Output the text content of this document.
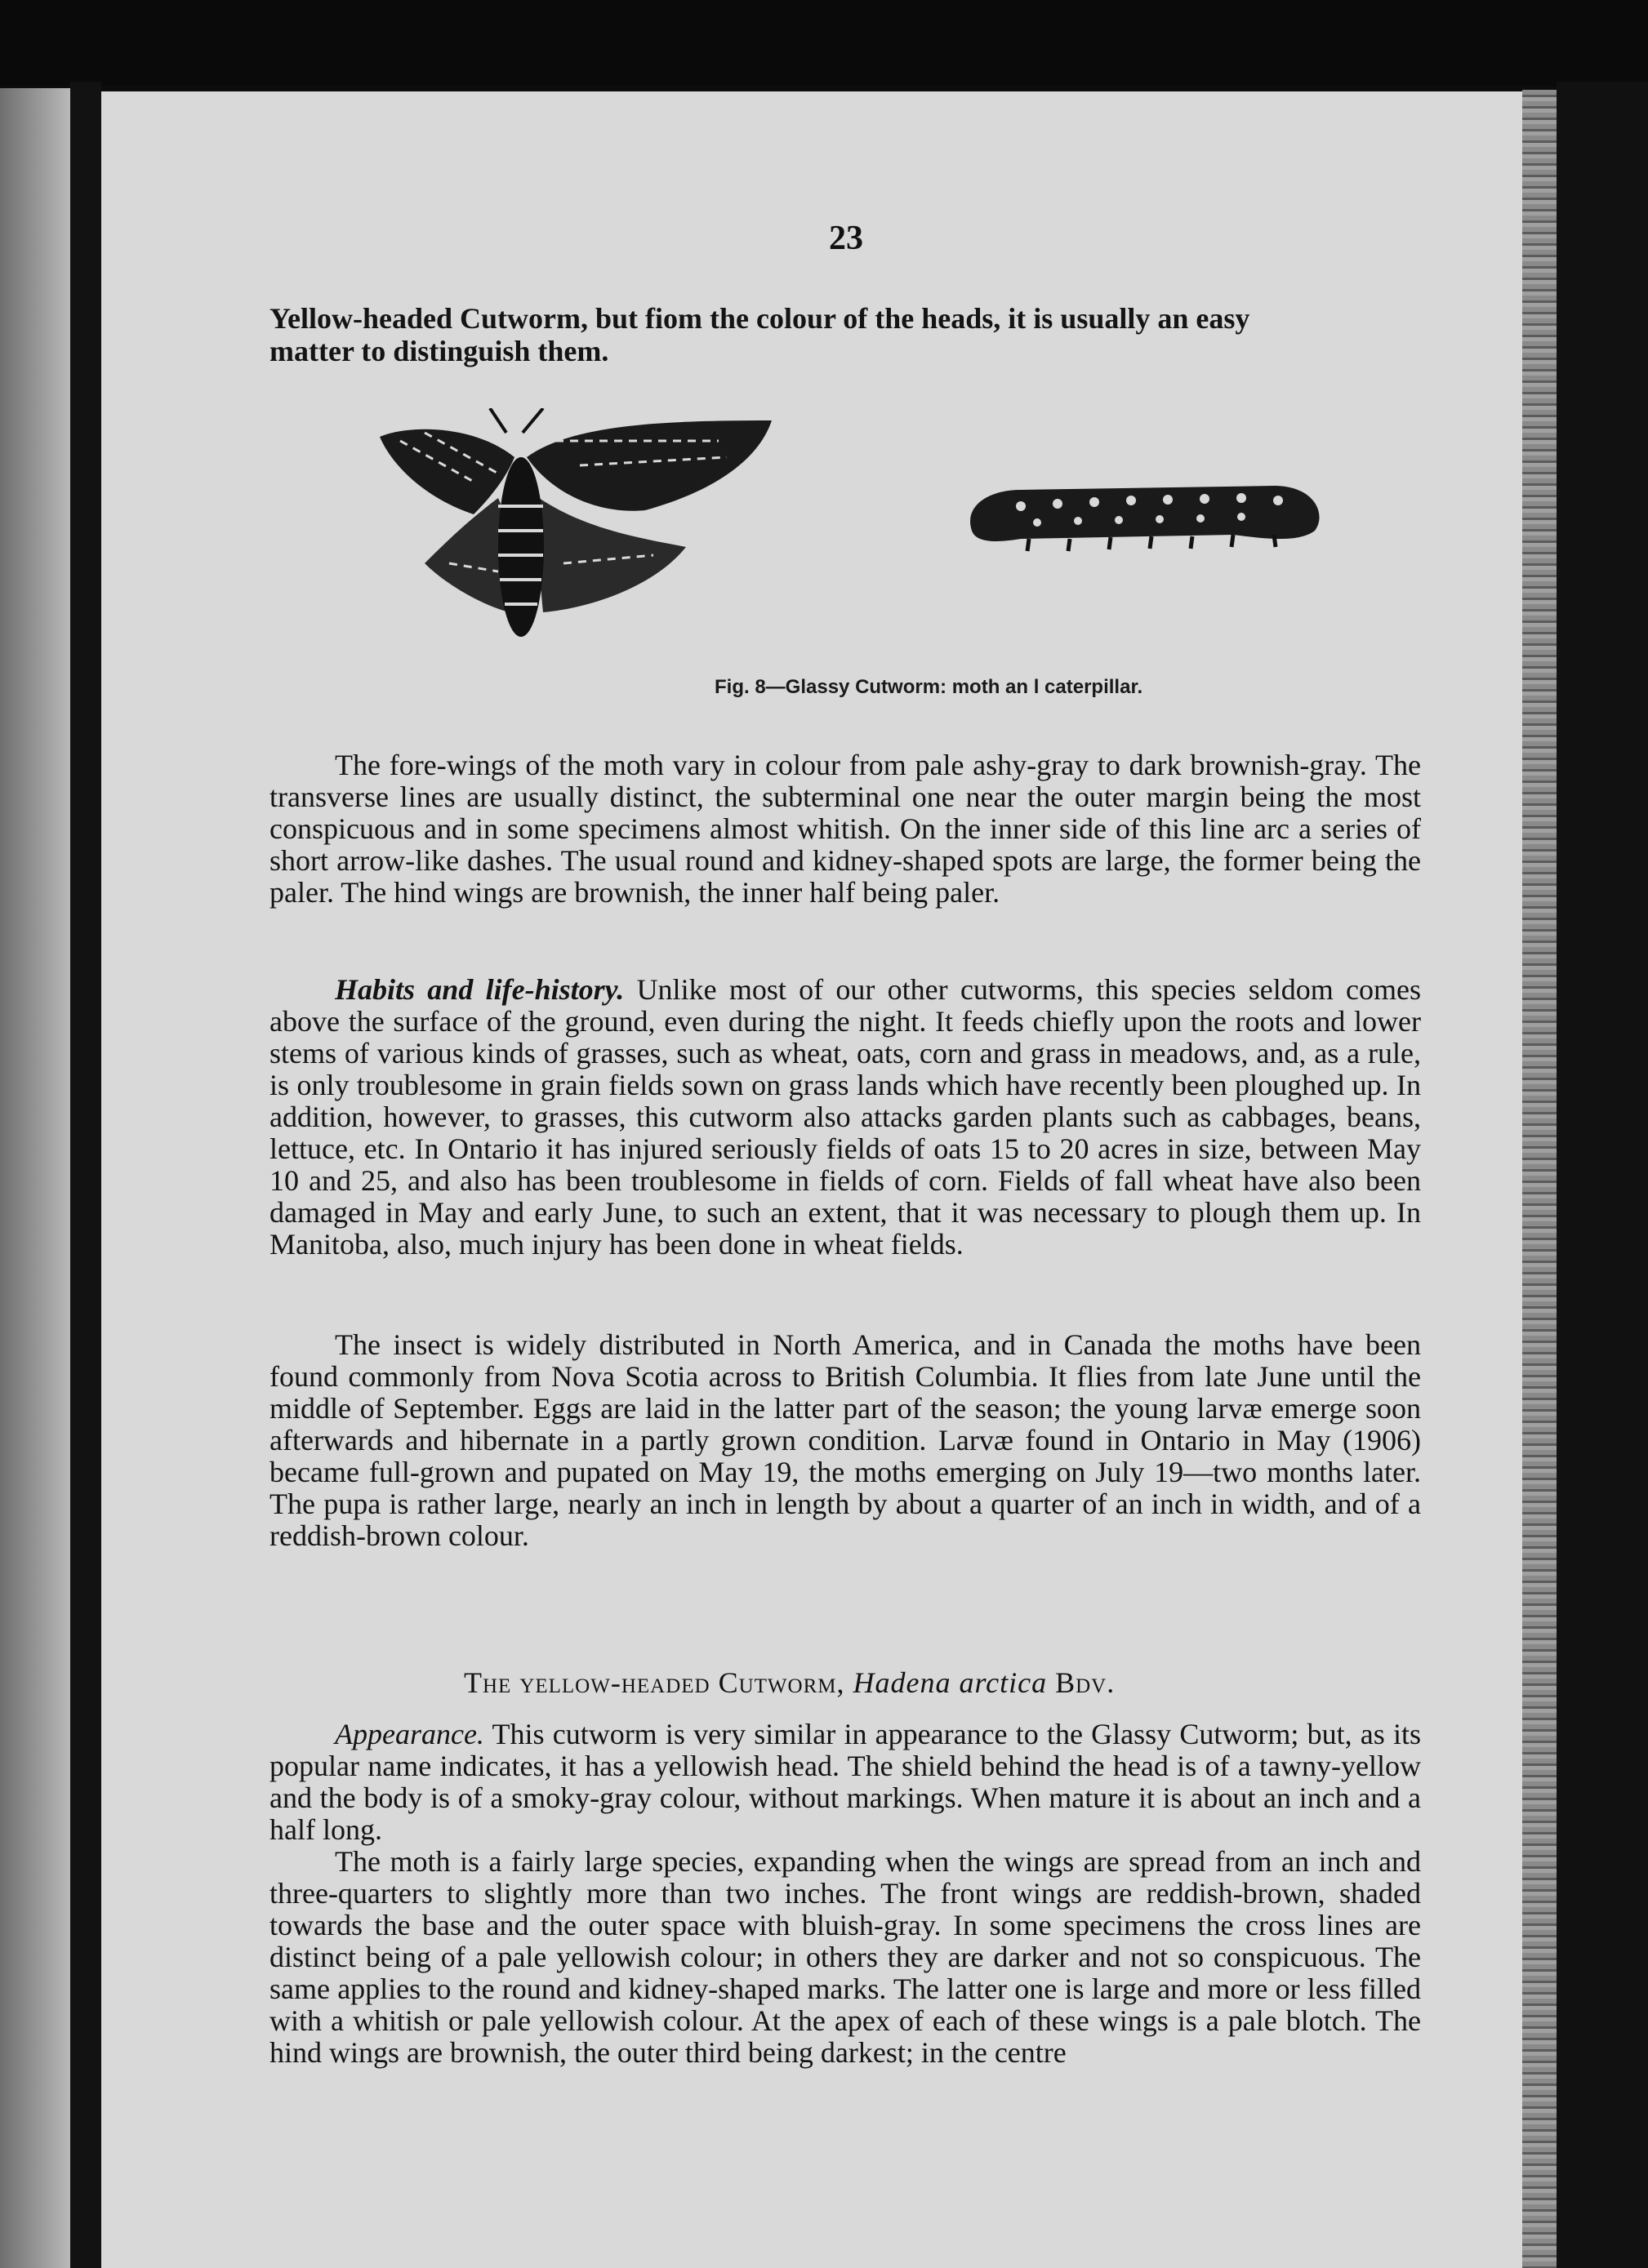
23

Yellow-headed Cutworm, but fiom the colour of the heads, it is usually an easy

matter to distinguish them.

Fig. 8—Glassy Cutworm: moth an l caterpillar.

The fore-wings of the moth vary in colour from pale ashy-gray to dark brownish-gray. The transverse lines are usually distinct, the subterminal one near the outer margin being the most conspicuous and in some specimens almost whitish. On the inner side of this line arc a series of short arrow-like dashes. The usual round and kidney-shaped spots are large, the former being the paler. The hind wings are brownish, the inner half being paler.

Habits and life-history. Unlike most of our other cutworms, this species seldom comes above the surface of the ground, even during the night. It feeds chiefly upon the roots and lower stems of various kinds of grasses, such as wheat, oats, corn and grass in meadows, and, as a rule, is only troublesome in grain fields sown on grass lands which have recently been ploughed up. In addition, however, to grasses, this cutworm also attacks garden plants such as cabbages, beans, lettuce, etc. In Ontario it has injured seriously fields of oats 15 to 20 acres in size, between May 10 and 25, and also has been troublesome in fields of corn. Fields of fall wheat have also been damaged in May and early June, to such an extent, that it was necessary to plough them up. In Manitoba, also, much injury has been done in wheat fields.

The insect is widely distributed in North America, and in Canada the moths have been found commonly from Nova Scotia across to British Columbia. It flies from late June until the middle of September. Eggs are laid in the latter part of the season; the young larvæ emerge soon afterwards and hibernate in a partly grown condition. Larvæ found in Ontario in May (1906) became full-grown and pupated on May 19, the moths emerging on July 19—two months later. The pupa is rather large, nearly an inch in length by about a quarter of an inch in width, and of a reddish-brown colour.

The yellow-headed Cutworm, Hadena arctica Bdv.

Appearance. This cutworm is very similar in appearance to the Glassy Cutworm; but, as its popular name indicates, it has a yellowish head. The shield behind the head is of a tawny-yellow and the body is of a smoky-gray colour, without markings. When mature it is about an inch and a half long.

The moth is a fairly large species, expanding when the wings are spread from an inch and three-quarters to slightly more than two inches. The front wings are reddish-brown, shaded towards the base and the outer space with bluish-gray. In some specimens the cross lines are distinct being of a pale yellowish colour; in others they are darker and not so conspicuous. The same applies to the round and kidney-shaped marks. The latter one is large and more or less filled with a whitish or pale yellowish colour. At the apex of each of these wings is a pale blotch. The hind wings are brownish, the outer third being darkest; in the centre
